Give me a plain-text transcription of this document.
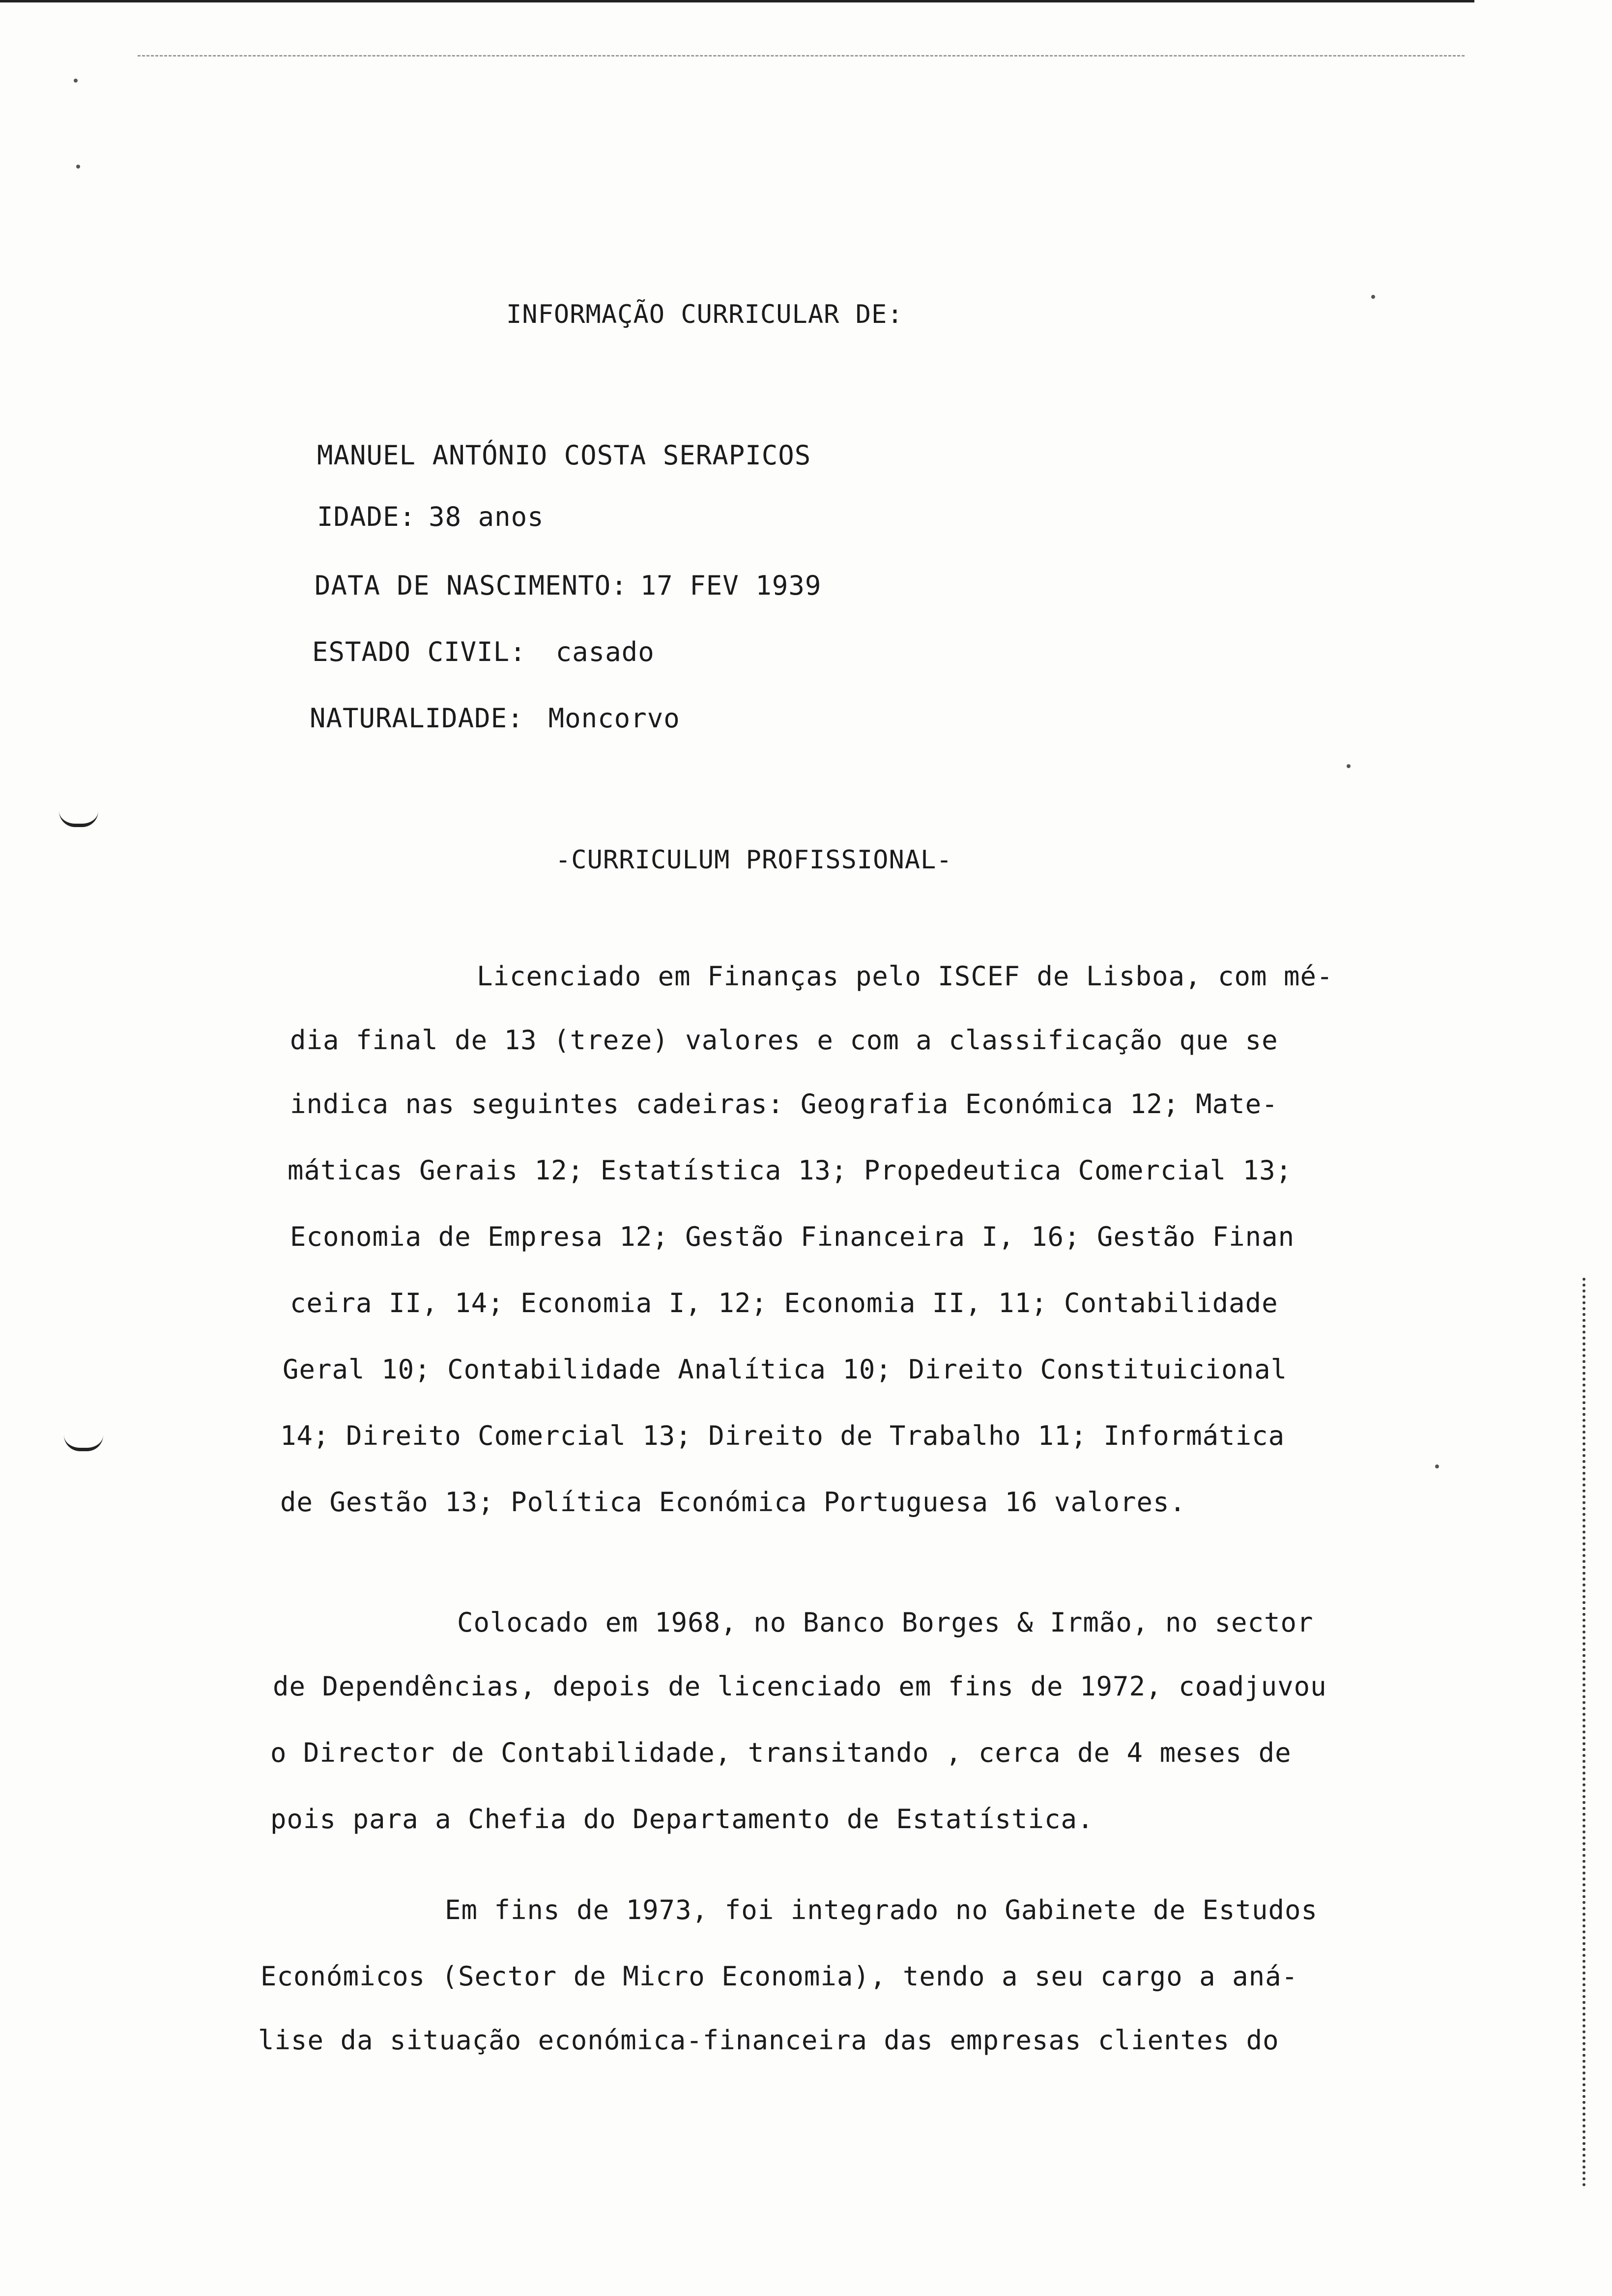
INFORMAÇÃO CURRICULAR DE:
MANUEL ANTÓNIO COSTA SERAPICOS
IDADE: 38 anos
DATA DE NASCIMENTO: 17 FEV 1939
ESTADO CIVIL: casado
NATURALIDADE: Moncorvo
-CURRICULUM PROFISSIONAL-
Licenciado em Finanças pelo ISCEF de Lisboa, com mé-
dia final de 13 (treze) valores e com a classificação que se
indica nas seguintes cadeiras: Geografia Económica 12; Mate-
máticas Gerais 12; Estatística 13; Propedeutica Comercial 13;
Economia de Empresa 12; Gestão Financeira I, 16; Gestão Finan
ceira II, 14; Economia I, 12; Economia II, 11; Contabilidade
Geral 10; Contabilidade Analítica 10; Direito Constituicional
14; Direito Comercial 13; Direito de Trabalho 11; Informática
de Gestão 13; Política Económica Portuguesa 16 valores.
Colocado em 1968, no Banco Borges & Irmão, no sector
de Dependências, depois de licenciado em fins de 1972, coadjuvou
o Director de Contabilidade, transitando , cerca de 4 meses de
pois para a Chefia do Departamento de Estatística.
Em fins de 1973, foi integrado no Gabinete de Estudos
Económicos (Sector de Micro Economia), tendo a seu cargo a aná-
lise da situação económica-financeira das empresas clientes do
